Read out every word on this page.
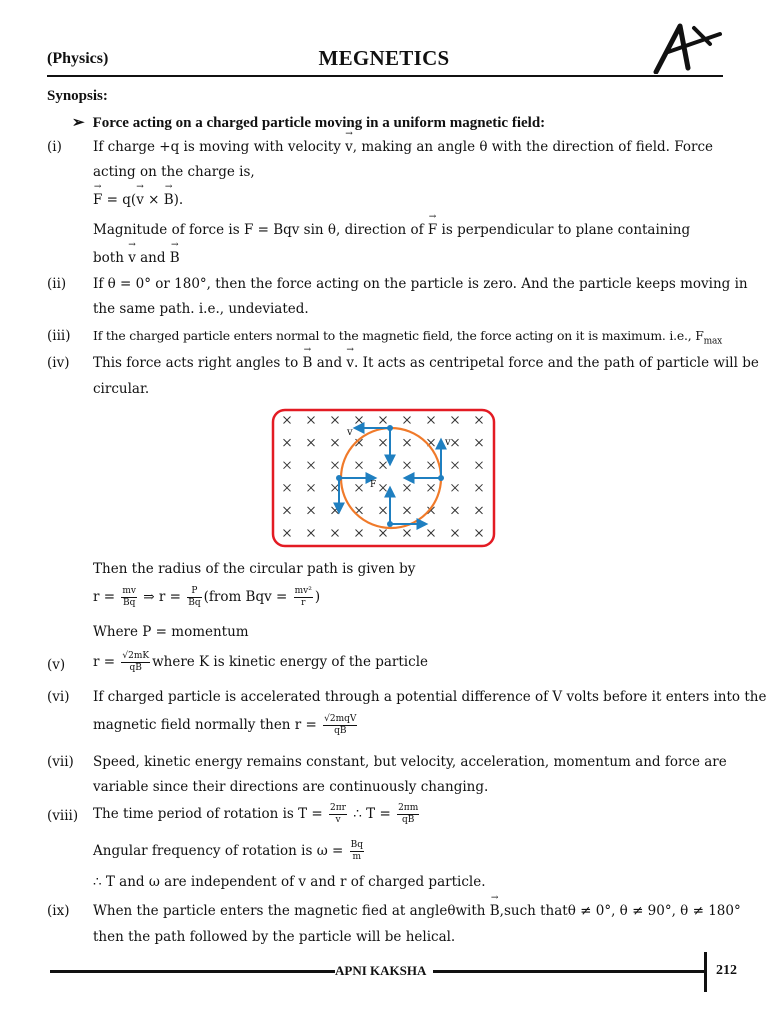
(Physics)	MEGNETICS
Synopsis:
➢ Force acting on a charged particle moving in a uniform magnetic field:
(i) If charge +q is moving with velocity → v, making an angle θ with the direction of field. Force
acting on the charge is,
→ F = q(→ v × → B).
Magnitude of force is F = Bqv sin θ, direction of → F is perpendicular to plane containing
both → v and → B
(ii) If θ = 0° or 180°, then the force acting on the particle is zero. And the particle keeps moving in
the same path. i.e., undeviated.
(iii) If the charged particle enters normal to the magnetic field, the force acting on it is maximum. i.e., $F_{max}$
(iv) This force acts right angles to → B and → v. It acts as centripetal force and the path of particle will be
circular.
v
v
F
Then the radius of the circular path is given by
$r = \frac{mv}{Bq}$ ⇒ $r = \frac{P}{Bq}$ (from Bqv = $\frac{\text{mv²}}{r}$ )
Where P = momentum
(v) $r = \frac{√2mK}{qB}$ where K is kinetic energy of the particle
(vi) If charged particle is accelerated through a potential difference of V volts before it enters into the
magnetic field normally then $r = \frac{\text{√2mqV}}{qB}$
(vii) Speed, kinetic energy remains constant, but velocity, acceleration, momentum and force are
variable since their directions are continuously changing.
(viii) The time period of rotation is $T = \frac{2\pi r}{v}$ ∴ $T = \frac{2\pi m}{qB}$
Angular frequency of rotation is $\omega = \frac{Bq}{m}$
∴ T and ω are independent of v and r of charged particle.
(ix) When the particle enters the magnetic fied at angleθwith → B,such thatθ ≠ 0°, θ ≠ 90°, θ ≠ 180°
then the path followed by the particle will be helical.
APNI KAKSHA	212
